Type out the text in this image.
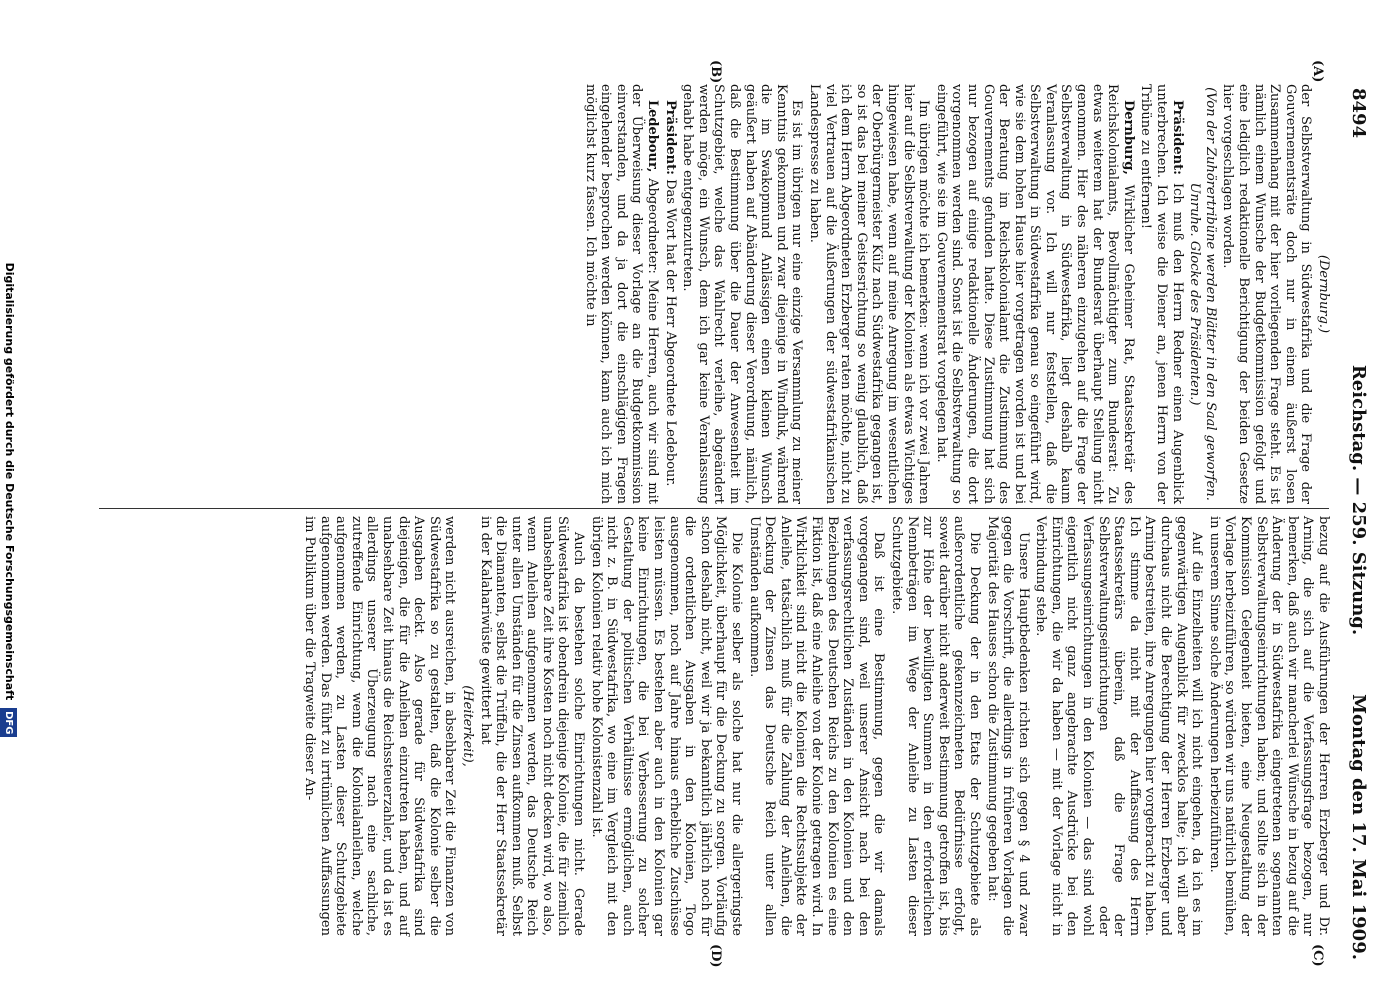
8494
Reichstag. — 259. Sitzung.
Montag den 17. Mai 1909.
(A)
(B)
(C)
(D)

(Dernburg.)

der Selbstverwaltung in Südwestafrika und die Frage der Gouvernementsräte doch nur in einem äußerst losen Zusammenhang mit der hier vorliegenden Frage steht. Es ist nämlich einem Wunsche der Budgetkommission gefolgt und eine lediglich redaktionelle Berichtigung der beiden Gesetze hier vorgeschlagen worden.

(Von der Zuhörertribüne werden Blätter in den Saal geworfen. Unruhe. Glocke des Präsidenten.)

Präsident: Ich muß den Herrn Redner einen Augenblick unterbrechen. Ich weise die Diener an, jenen Herrn von der Tribüne zu entfernen!

Dernburg, Wirklicher Geheimer Rat, Staatssekretär des Reichskolonialamts, Bevollmächtigter zum Bundesrat: Zu etwas weiterem hat der Bundesrat überhaupt Stellung nicht genommen. Hier des näheren einzugehen auf die Frage der Selbstverwaltung in Südwestafrika, liegt deshalb kaum Veranlassung vor. Ich will nur feststellen, daß die Selbstverwaltung in Südwestafrika genau so eingeführt wird, wie sie dem hohen Hause hier vorgetragen worden ist und bei der Beratung im Reichskolonialamt die Zustimmung des Gouvernements gefunden hatte. Diese Zustimmung hat sich nur bezogen auf einige redaktionelle Änderungen, die dort vorgenommen werden sind. Sonst ist die Selbstverwaltung so eingeführt, wie sie im Gouvernementsrat vorgelegen hat.

Im übrigen möchte ich bemerken: wenn ich vor zwei Jahren hier auf die Selbstverwaltung der Kolonien als etwas Wichtiges hingewiesen habe, wenn auf meine Anregung im wesentlichen der Oberbürgermeister Külz nach Südwestafrika gegangen ist, so ist das bei meiner Geistesrichtung so wenig glaublich, daß ich dem Herrn Abgeordneten Erzberger raten möchte, nicht zu viel Vertrauen auf die Äußerungen der südwestafrikanischen Landespresse zu haben.

Es ist im übrigen nur eine einzige Versammlung zu meiner Kenntnis gekommen und zwar diejenige in Windhuk, während die im Swakopmund Anlässigen einen kleinen Wunsch geäußert haben auf Abänderung dieser Verordnung, nämlich, daß die Bestimmung über die Dauer der Anwesenheit im Schutzgebiet, welche das Wahlrecht verleihe, abgeändert werden möge, ein Wunsch, dem ich gar keine Veranlassung gehabt habe entgegenzutreten.

Präsident: Das Wort hat der Herr Abgeordnete Ledebour.

Ledebour, Abgeordneter: Meine Herren, auch wir sind mit der Überweisung dieser Vorlage an die Budgetkommission einverstanden, und da ja dort die einschlägigen Fragen eingehender besprochen werden können, kann auch ich mich möglichst kurz fassen. Ich möchte in

bezug auf die Ausführungen der Herren Erzberger und Dr. Arning, die sich auf die Verfassungsfrage bezogen, nur bemerken, daß auch wir mancherlei Wünsche in bezug auf die Änderung der in Südwestafrika eingetretenen sogenannten Selbstverwaltungseinrichtungen haben; und sollte sich in der Kommission Gelegenheit bieten, eine Neugestaltung der Vorlage herbeizuführen, so würden wir uns natürlich bemühen, in unserem Sinne solche Änderungen herbeizuführen.

Auf die Einzelheiten will ich nicht eingehen, da ich es im gegenwärtigen Augenblick für zwecklos halte; ich will aber durchaus nicht die Berechtigung der Herren Erzberger und Arning bestreiten, ihre Anregungen hier vorgebracht zu haben. Ich stimme da nicht mit der Auffassung des Herrn Staatssekretärs überein, daß die Frage der Selbstverwaltungseinrichtungen oder Verfassungseinrichtungen in den Kolonien — das sind wohl eigentlich nicht ganz angebrachte Ausdrücke bei den Einrichtungen, die wir da haben — mit der Vorlage nicht in Verbindung stehe.

Unsere Hauptbedenken richten sich gegen § 4 und zwar gegen die Vorschrift, die allerdings in früheren Vorlagen die Majorität des Hauses schon die Zustimmung gegeben hat:

Die Deckung der in den Etats der Schutzgebiete als außerordentliche gekennzeichneten Bedürfnisse erfolgt, soweit darüber nicht anderweit Bestimmung getroffen ist, bis zur Höhe der bewilligten Summen in den erforderlichen Nennbeträgen im Wege der Anleihe zu Lasten dieser Schutzgebiete.

Daß ist eine Bestimmung, gegen die wir damals vorgegangen sind, weil unserer Ansicht nach bei den verfassungsrechtlichen Zuständen in den Kolonien und den Beziehungen des Deutschen Reichs zu den Kolonien es eine Fiktion ist, daß eine Anleihe von der Kolonie getragen wird. In Wirklichkeit sind nicht die Kolonien die Rechtssubjekte der Anleihe, tatsächlich muß für die Zahlung der Anleihen, die Deckung der Zinsen das Deutsche Reich unter allen Umständen aufkommen.

Die Kolonie selber als solche hat nur die allergeringste Möglichkeit, überhaupt für die Deckung zu sorgen. Vorläufig schon deshalb nicht, weil wir ja bekanntlich jährlich noch für die ordentlichen Ausgaben in den Kolonien, Togo ausgenommen, noch auf Jahre hinaus erhebliche Zuschüsse leisten müssen. Es bestehen aber auch in den Kolonien gar keine Einrichtungen, die bei Verbesserung zu solcher Gestaltung der politischen Verhältnisse ermöglichen, auch nicht z. B. in Südwestafrika, wo eine im Vergleich mit den übrigen Kolonien relativ hohe Kolonistenzahl ist.

Auch da bestehen solche Einrichtungen nicht. Gerade Südwestafrika ist obendrein diejenige Kolonie, die für ziemlich unabsehbare Zeit ihre Kosten noch nicht decken wird, wo also, wenn Anleihen aufgenommen werden, das Deutsche Reich unter allen Umständen für die Zinsen aufkommen muß. Selbst die Diamanten, selbst die Trüffeln, die der Herr Staatssekretär in der Kalahariwüste gewittert hat

(Heiterkeit),

werden nicht ausreichen, in absehbarer Zeit die Finanzen von Südwestafrika so zu gestalten, daß die Kolonie selber die Ausgaben deckt. Also gerade für Südwestafrika sind diejenigen, die für die Anleihen einzutreten haben, und auf unabsehbare Zeit hinaus die Reichssteuerzahler, und da ist es allerdings unserer Überzeugung nach eine sachliche, zutreffende Einrichtung, wenn die Kolonialanleihen, welche aufgenommen werden, zu Lasten dieser Schutzgebiete aufgenommen werden. Das führt zu irrtümlichen Auffassungen im Publikum über die Tragweite dieser An-

Digitalisierung gefördert durch die Deutsche Forschungsgemeinschaft DFG
